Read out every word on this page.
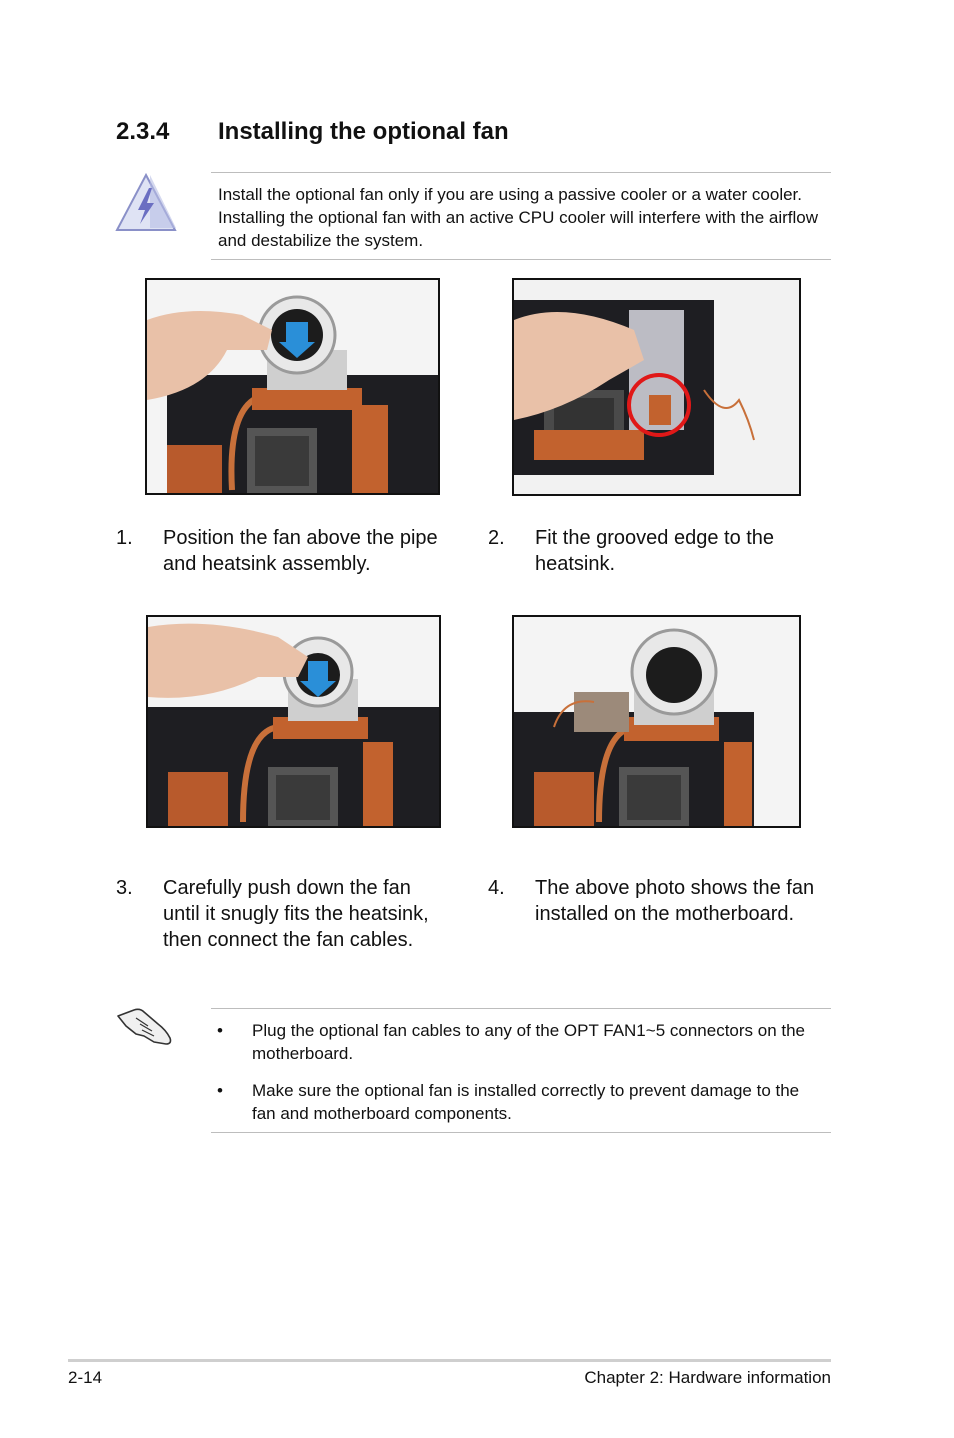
2.3.4 Installing the optional fan
Install the optional fan only if you are using a passive cooler or a water cooler. Installing the optional fan with an active CPU cooler will interfere with the airflow and destabilize the system.
1. Position the fan above the pipe and heatsink assembly.
2. Fit the grooved edge to the heatsink.
3. Carefully push down the fan until it snugly fits the heatsink, then connect the fan cables.
4. The above photo shows the fan installed on the motherboard.
• Plug the optional fan cables to any of the OPT FAN1~5 connectors on the motherboard.
• Make sure the optional fan is installed correctly to prevent damage to the fan and motherboard components.
2-14	Chapter 2: Hardware information
